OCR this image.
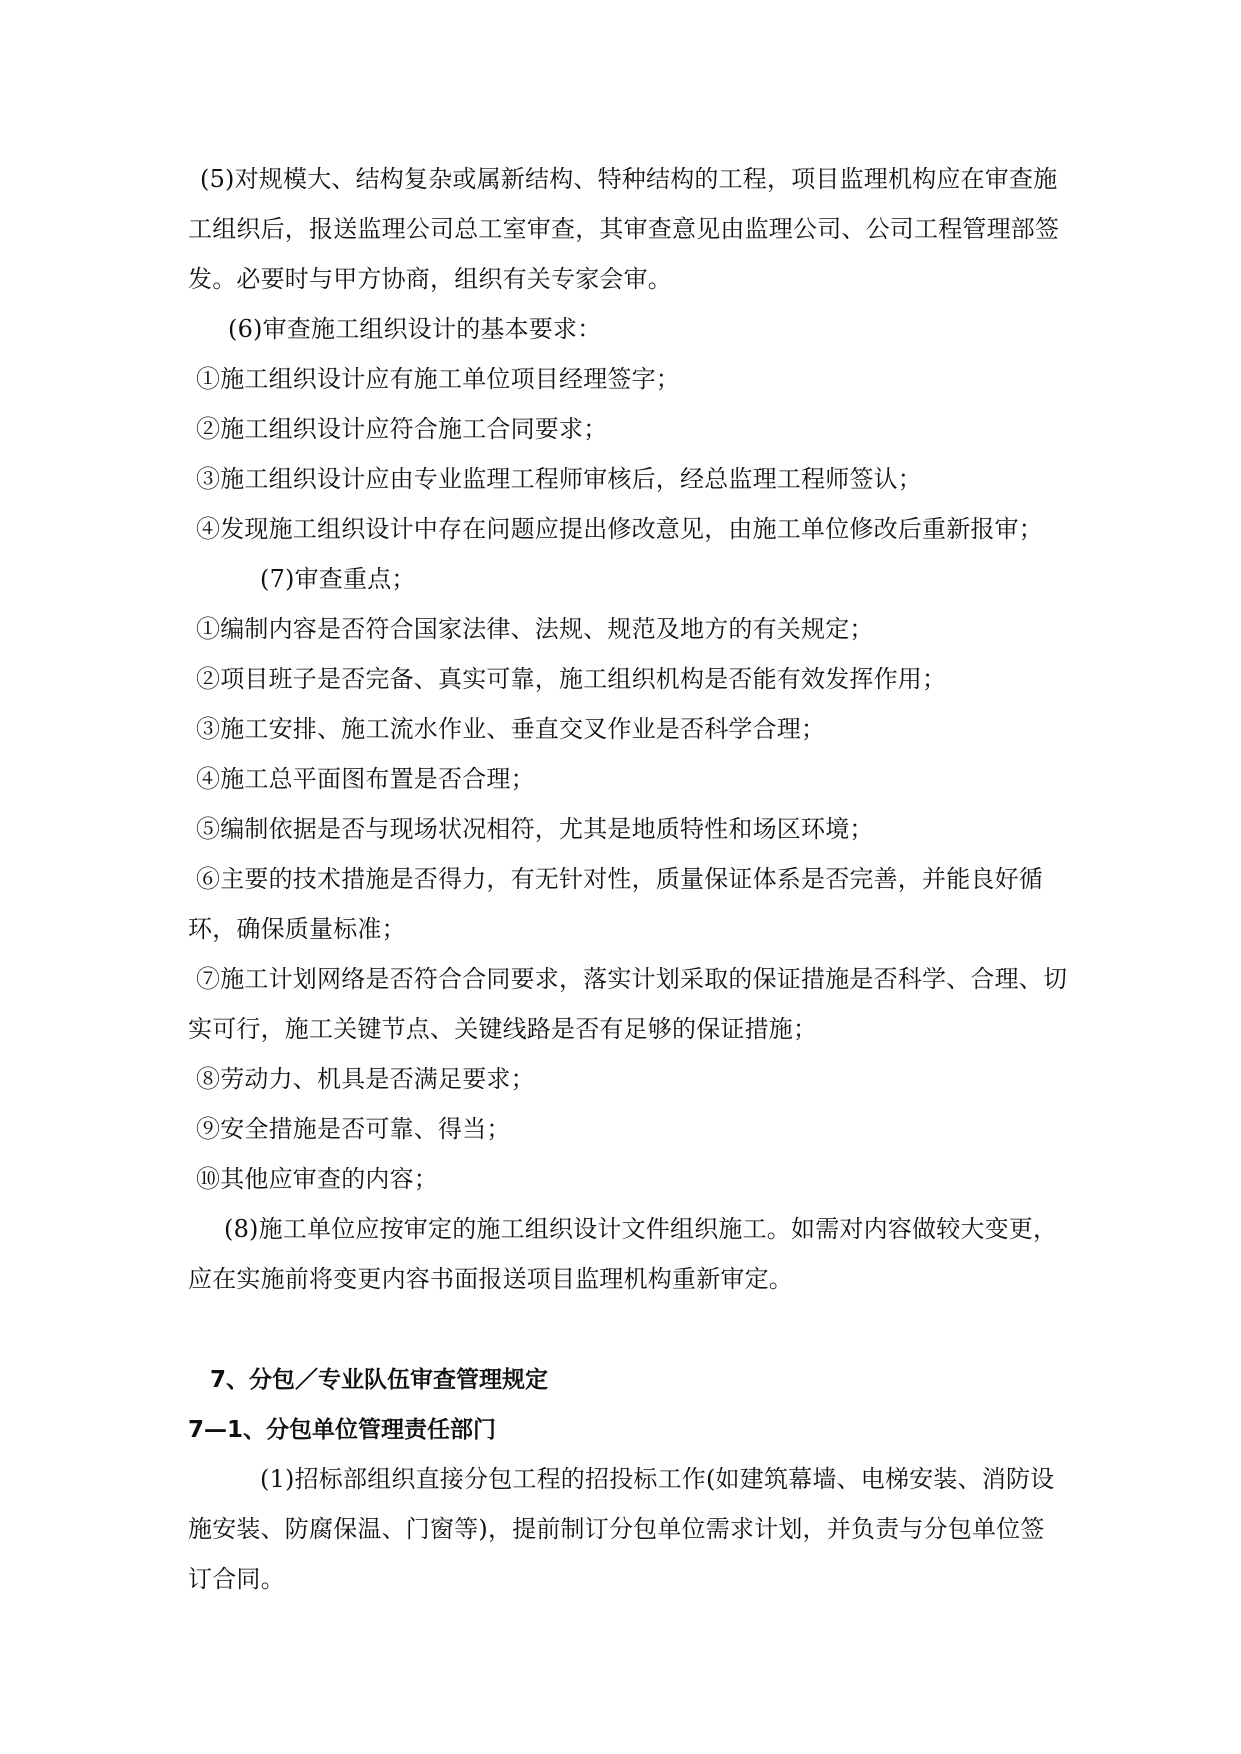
(5)对规模大、结构复杂或属新结构、特种结构的工程，项目监理机构应在审查施工组织后，报送监理公司总工室审查，其审查意见由监理公司、公司工程管理部签发。必要时与甲方协商，组织有关专家会审。

(6)审查施工组织设计的基本要求：

①施工组织设计应有施工单位项目经理签字；

②施工组织设计应符合施工合同要求；

③施工组织设计应由专业监理工程师审核后，经总监理工程师签认；

④发现施工组织设计中存在问题应提出修改意见，由施工单位修改后重新报审；

(7)审查重点；

①编制内容是否符合国家法律、法规、规范及地方的有关规定；

②项目班子是否完备、真实可靠，施工组织机构是否能有效发挥作用；

③施工安排、施工流水作业、垂直交叉作业是否科学合理；

④施工总平面图布置是否合理；

⑤编制依据是否与现场状况相符，尤其是地质特性和场区环境；

⑥主要的技术措施是否得力，有无针对性，质量保证体系是否完善，并能良好循环，确保质量标准；

⑦施工计划网络是否符合合同要求，落实计划采取的保证措施是否科学、合理、切实可行，施工关键节点、关键线路是否有足够的保证措施；

⑧劳动力、机具是否满足要求；

⑨安全措施是否可靠、得当；

⑩其他应审查的内容；

(8)施工单位应按审定的施工组织设计文件组织施工。如需对内容做较大变更，应在实施前将变更内容书面报送项目监理机构重新审定。

7、分包／专业队伍审查管理规定
7—1、分包单位管理责任部门

(1)招标部组织直接分包工程的招投标工作(如建筑幕墙、电梯安装、消防设施安装、防腐保温、门窗等)，提前制订分包单位需求计划，并负责与分包单位签订合同。
